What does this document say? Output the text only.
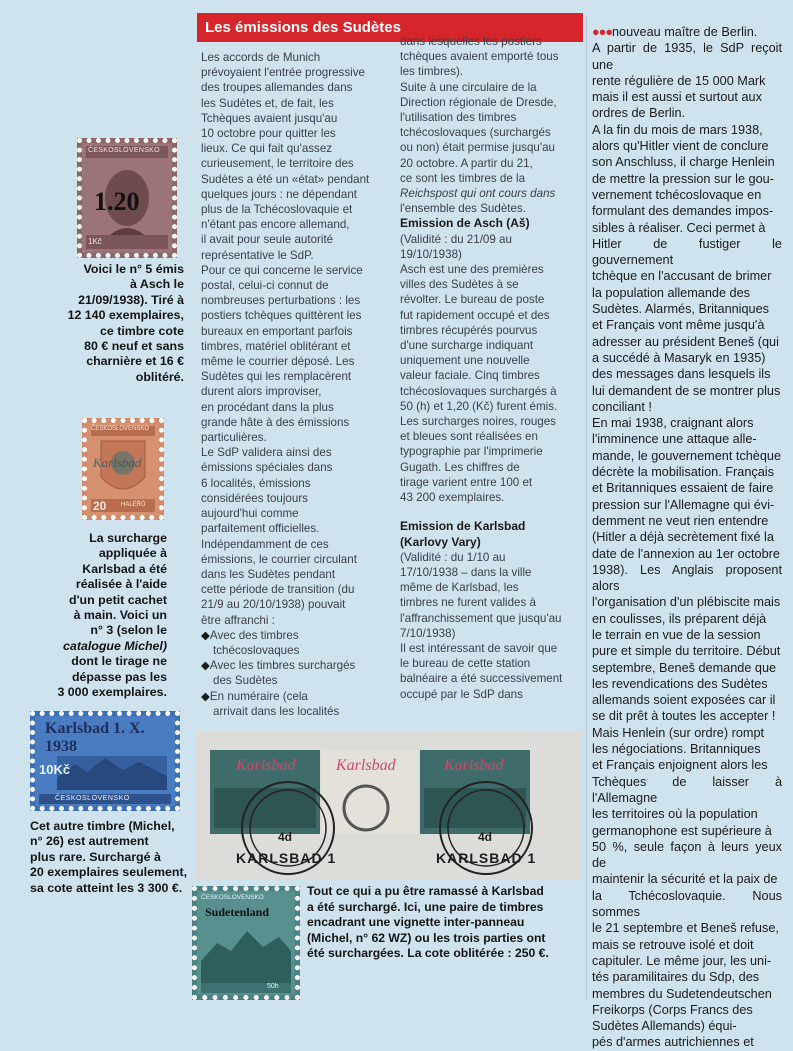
ČESKOSLOVENSKO
1.20
1Kč

Voici le n° 5 émis

à Asch le

21/09/1938). Tiré à

12 140 exemplaires,

ce timbre cote

80 € neuf et sans

charnière et 16 €

oblitéré.

ČESKOSLOVENSKO
Karlsbad
20 HALÉŘŮ

La surcharge

appliquée à

Karlsbad a été

réalisée à l'aide

d'un petit cachet

à main. Voici un

n° 3 (selon le

catalogue Michel)

dont le tirage ne

dépasse pas les

3 000 exemplaires.

Karlsbad 1. X. 1938
10Kč
ČESKOSLOVENSKO

Cet autre timbre (Michel,

n° 26) est autrement

plus rare. Surchargé à

20 exemplaires seulement,

sa cote atteint les 3 300 €.

Les émissions des Sudètes

Les accords de Munich

prévoyaient l'entrée progressive

des troupes allemandes dans

les Sudètes et, de fait, les

Tchèques avaient jusqu'au

10 octobre pour quitter les

lieux. Ce qui fait qu'assez

curieusement, le territoire des

Sudètes a été un «état» pendant

quelques jours : ne dépendant

plus de la Tchécoslovaquie et

n'étant pas encore allemand,

il avait pour seule autorité

représentative le SdP.

Pour ce qui concerne le service

postal, celui-ci connut de

nombreuses perturbations : les

postiers tchèques quittèrent les

bureaux en emportant parfois

timbres, matériel oblitérant et

même le courrier déposé. Les

Sudètes qui les remplacèrent

durent alors improviser,

en procédant dans la plus

grande hâte à des émissions

particulières.

Le SdP validera ainsi des

émissions spéciales dans

6 localités, émissions

considérées toujours

aujourd'hui comme

parfaitement officielles.

Indépendamment de ces

émissions, le courrier circulant

dans les Sudètes pendant

cette période de transition (du

21/9 au 20/10/1938) pouvait

être affranchi :

◆ Avec des timbres

tchécoslovaques

◆ Avec les timbres surchargés

des Sudètes

◆ En numéraire (cela

arrivait dans les localités

dans lesquelles les postiers

tchèques avaient emporté tous

les timbres).

Suite à une circulaire de la

Direction régionale de Dresde,

l'utilisation des timbres

tchécoslovaques (surchargés

ou non) était permise jusqu'au

20 octobre. A partir du 21,

ce sont les timbres de la

Reichspost qui ont cours dans

l'ensemble des Sudètes.

Emission de Asch (Aš)

(Validité : du 21/09 au

19/10/1938)

Asch est une des premières

villes des Sudètes à se

révolter. Le bureau de poste

fut rapidement occupé et des

timbres récupérés pourvus

d'une surcharge indiquant

uniquement une nouvelle

valeur faciale. Cinq timbres

tchécoslovaques surchargés à

50 (h) et 1,20 (Kč) furent émis.

Les surcharges noires, rouges

et bleues sont réalisées en

typographie par l'imprimerie

Gugath. Les chiffres de

tirage varient entre 100 et

43 200 exemplaires.

Emission de Karlsbad

(Karlovy Vary)

(Validité : du 1/10 au

17/10/1938 – dans la ville

même de Karlsbad, les

timbres ne furent valides à

l'affranchissement que jusqu'au

7/10/1938)

Il est intéressant de savoir que

le bureau de cette station

balnéaire a été successivement

occupé par le SdP dans

Karlsbad	Karlsbad	Karlsbad
KARLSBAD 1	KARLSBAD 1
4d	4d
ČESKOSLOVENSKO
Sudetenland
50h

Tout ce qui a pu être ramassé à Karlsbad

a été surchargé. Ici, une paire de timbres

encadrant une vignette inter-panneau

(Michel, n° 62 WZ) ou les trois parties ont

été surchargées. La cote oblitérée : 250 €.

●●●nouveau maître de Berlin.

A partir de 1935, le SdP reçoit une

rente régulière de 15 000 Mark

mais il est aussi et surtout aux

ordres de Berlin.

A la fin du mois de mars 1938,

alors qu'Hitler vient de conclure

son Anschluss, il charge Henlein

de mettre la pression sur le gou-

vernement tchécoslovaque en

formulant des demandes impos-

sibles à réaliser. Ceci permet à

Hitler de fustiger le gouvernement

tchèque en l'accusant de brimer

la population allemande des

Sudètes. Alarmés, Britanniques

et Français vont même jusqu'à

adresser au président Beneš (qui

a succédé à Masaryk en 1935)

des messages dans lesquels ils

lui demandent de se montrer plus

conciliant !

En mai 1938, craignant alors

l'imminence une attaque alle-

mande, le gouvernement tchèque

décrète la mobilisation. Français

et Britanniques essaient de faire

pression sur l'Allemagne qui évi-

demment ne veut rien entendre

(Hitler a déjà secrètement fixé la

date de l'annexion au 1er octobre

1938). Les Anglais proposent alors

l'organisation d'un plébiscite mais

en coulisses, ils préparent déjà

le terrain en vue de la session

pure et simple du territoire. Début

septembre, Beneš demande que

les revendications des Sudètes

allemands soient exposées car il

se dit prêt à toutes les accepter !

Mais Henlein (sur ordre) rompt

les négociations. Britanniques

et Français enjoignent alors les

Tchèques de laisser à l'Allemagne

les territoires où la population

germanophone est supérieure à

50 %, seule façon à leurs yeux de

maintenir la sécurité et la paix de

la Tchécoslovaquie. Nous sommes

le 21 septembre et Beneš refuse,

mais se retrouve isolé et doit

capituler. Le même jour, les uni-

tés paramilitaires du Sdp, des

membres du Sudetendeutschen

Freikorps (Corps Francs des

Sudètes Allemands) équi-

pés d'armes autrichiennes et
